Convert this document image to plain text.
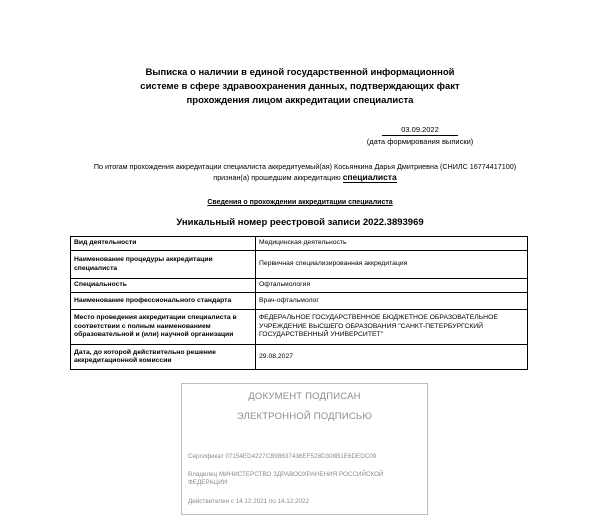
Выписка о наличии в единой государственной информационной
системе в сфере здравоохранения данных, подтверждающих факт
прохождения лицом аккредитации специалиста
03.09.2022
(дата формирования выписки)
По итогам прохождения аккредитации специалиста аккредитуемый(ая) Косьянкина Дарья Дмитриевна (СНИЛС 16774417100)
признан(а) прошедшим аккредитацию специалиста
Сведения о прохождении аккредитации специалиста
Уникальный номер реестровой записи 2022.3893969
Вид деятельности	Медицинская деятельность
Наименование процедуры аккредитации специалиста	Первичная специализированная аккредитация
Специальность	Офтальмология
Наименование профессионального стандарта	Врач-офтальмолог
Место проведения аккредитации специалиста в соответствии с полным наименованием образовательной и (или) научной организации	ФЕДЕРАЛЬНОЕ ГОСУДАРСТВЕННОЕ БЮДЖЕТНОЕ ОБРАЗОВАТЕЛЬНОЕ УЧРЕЖДЕНИЕ ВЫСШЕГО ОБРАЗОВАНИЯ "САНКТ-ПЕТЕРБУРГСКИЙ ГОСУДАРСТВЕННЫЙ УНИВЕРСИТЕТ"
Дата, до которой действительно решение аккредитационной комиссии	29.08.2027
ДОКУМЕНТ ПОДПИСАН
ЭЛЕКТРОННОЙ ПОДПИСЬЮ
Сертификат 07154ED4227CB98637436EF528D308B1E6DEDC09
Владелец МИНИСТЕРСТВО ЗДРАВООХРАНЕНИЯ РОССИЙСКОЙ ФЕДЕРАЦИИ
Действителен с 14.12.2021 по 14.12.2022
